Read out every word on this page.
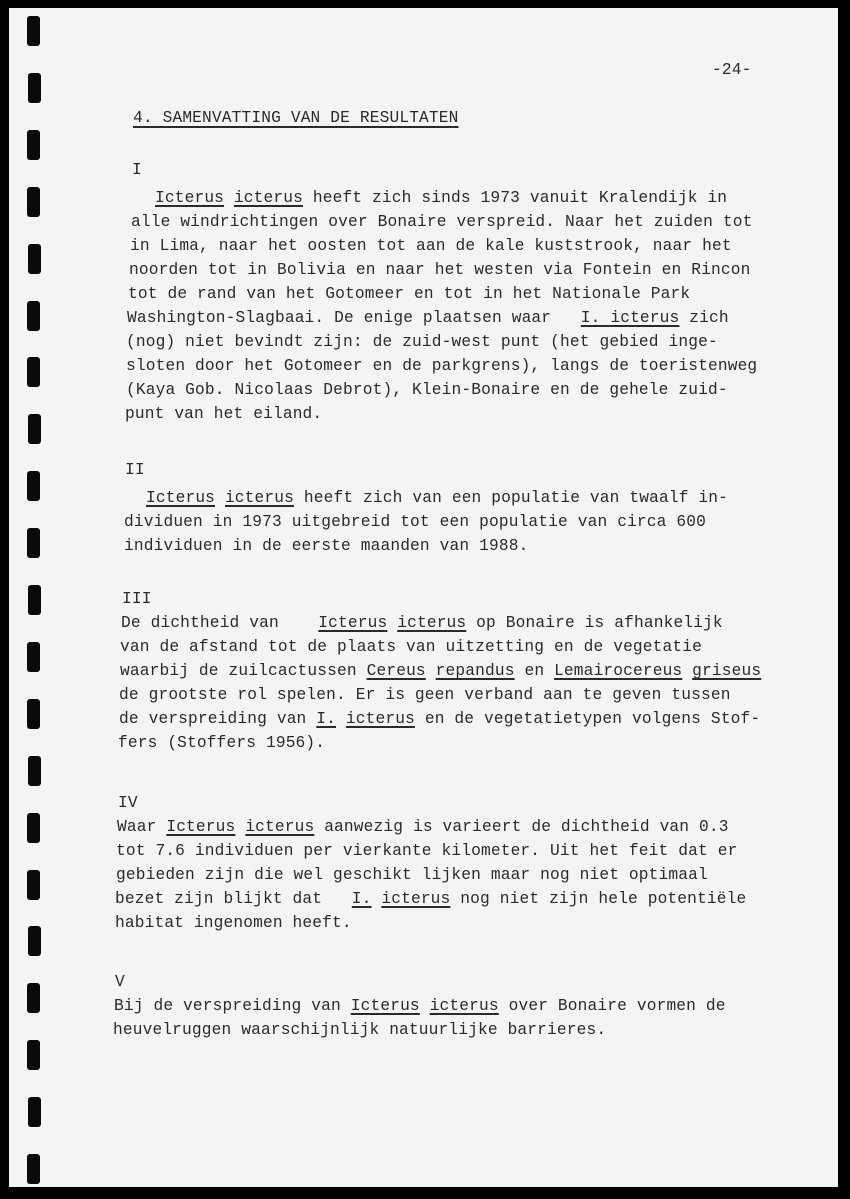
-24-
4. SAMENVATTING VAN DE RESULTATEN
I
Icterus icterus heeft zich sinds 1973 vanuit Kralendijk in
alle windrichtingen over Bonaire verspreid. Naar het zuiden tot
in Lima, naar het oosten tot aan de kale kuststrook, naar het
noorden tot in Bolivia en naar het westen via Fontein en Rincon
tot de rand van het Gotomeer en tot in het Nationale Park
Washington-Slagbaai. De enige plaatsen waar   I. icterus zich
(nog) niet bevindt zijn: de zuid-west punt (het gebied inge-
sloten door het Gotomeer en de parkgrens), langs de toeristenweg
(Kaya Gob. Nicolaas Debrot), Klein-Bonaire en de gehele zuid-
punt van het eiland.
II
Icterus icterus heeft zich van een populatie van twaalf in-
dividuen in 1973 uitgebreid tot een populatie van circa 600
individuen in de eerste maanden van 1988.
III
De dichtheid van    Icterus icterus op Bonaire is afhankelijk
van de afstand tot de plaats van uitzetting en de vegetatie
waarbij de zuilcactussen Cereus repandus en Lemairocereus griseus
de grootste rol spelen. Er is geen verband aan te geven tussen
de verspreiding van I. icterus en de vegetatietypen volgens Stof-
fers (Stoffers 1956).
IV
Waar Icterus icterus aanwezig is varieert de dichtheid van 0.3
tot 7.6 individuen per vierkante kilometer. Uit het feit dat er
gebieden zijn die wel geschikt lijken maar nog niet optimaal
bezet zijn blijkt dat   I. icterus nog niet zijn hele potentiële
habitat ingenomen heeft.
V
Bij de verspreiding van Icterus icterus over Bonaire vormen de
heuvelruggen waarschijnlijk natuurlijke barrieres.
